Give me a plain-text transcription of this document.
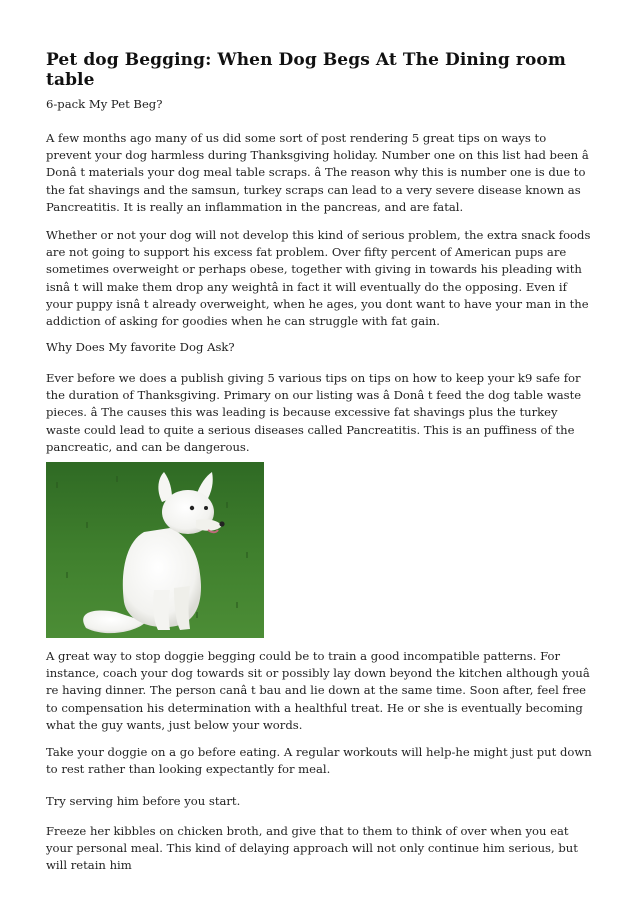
Pet dog Begging: When Dog Begs At The Dining room table

6-pack My Pet Beg?

A few months ago many of us did some sort of post rendering 5 great tips on ways to prevent your dog harmless during Thanksgiving holiday. Number one on this list had been â Donâ t materials your dog meal table scraps. â The reason why this is number one is due to the fat shavings and the samsun, turkey scraps can lead to a very severe disease known as Pancreatitis. It is really an inflammation in the pancreas, and are fatal.

Whether or not your dog will not develop this kind of serious problem, the extra snack foods are not going to support his excess fat problem. Over fifty percent of American pups are sometimes overweight or perhaps obese, together with giving in towards his pleading with isnâ t will make them drop any weightâ in fact it will eventually do the opposing. Even if your puppy isnâ t already overweight, when he ages, you dont want to have your man in the addiction of asking for goodies when he can struggle with fat gain.

Why Does My favorite Dog Ask?

Ever before we does a publish giving 5 various tips on tips on how to keep your k9 safe for the duration of Thanksgiving. Primary on our listing was â Donâ t feed the dog table waste pieces. â The causes this was leading is because excessive fat shavings plus the turkey waste could lead to quite a serious diseases called Pancreatitis. This is an puffiness of the pancreatic, and can be dangerous.

A great way to stop doggie begging could be to train a good incompatible patterns. For instance, coach your dog towards sit or possibly lay down beyond the kitchen although youâ re having dinner. The person canâ t bau and lie down at the same time. Soon after, feel free to compensation his determination with a healthful treat. He or she is eventually becoming what the guy wants, just below your words.

Take your doggie on a go before eating. A regular workouts will help-he might just put down to rest rather than looking expectantly for meal.

Try serving him before you start.

Freeze her kibbles on chicken broth, and give that to them to think of over when you eat your personal meal. This kind of delaying approach will not only continue him serious, but will retain him
